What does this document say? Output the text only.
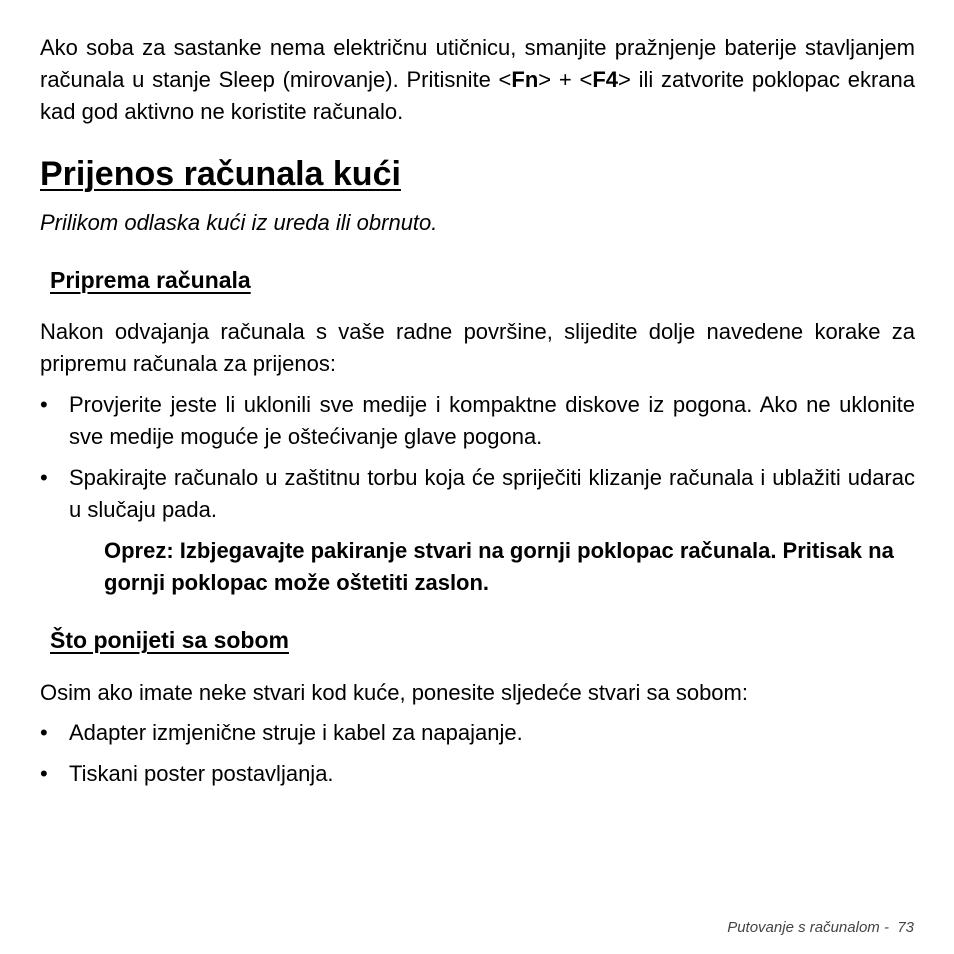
Ako soba za sastanke nema električnu utičnicu, smanjite pražnjenje baterije stavljanjem računala u stanje Sleep (mirovanje). Pritisnite <Fn> + <F4> ili zatvorite poklopac ekrana kad god aktivno ne koristite računalo.

Prijenos računala kući

Prilikom odlaska kući iz ureda ili obrnuto.

Priprema računala

Nakon odvajanja računala s vaše radne površine, slijedite dolje navedene korake za pripremu računala za prijenos:

• Provjerite jeste li uklonili sve medije i kompaktne diskove iz pogona. Ako ne uklonite sve medije moguće je oštećivanje glave pogona.
• Spakirajte računalo u zaštitnu torbu koja će spriječiti klizanje računala i ublažiti udarac u slučaju pada.

Oprez: Izbjegavajte pakiranje stvari na gornji poklopac računala. Pritisak na gornji poklopac može oštetiti zaslon.

Što ponijeti sa sobom

Osim ako imate neke stvari kod kuće, ponesite sljedeće stvari sa sobom:

• Adapter izmjenične struje i kabel za napajanje.
• Tiskani poster postavljanja.
Putovanje s računalom - 73
